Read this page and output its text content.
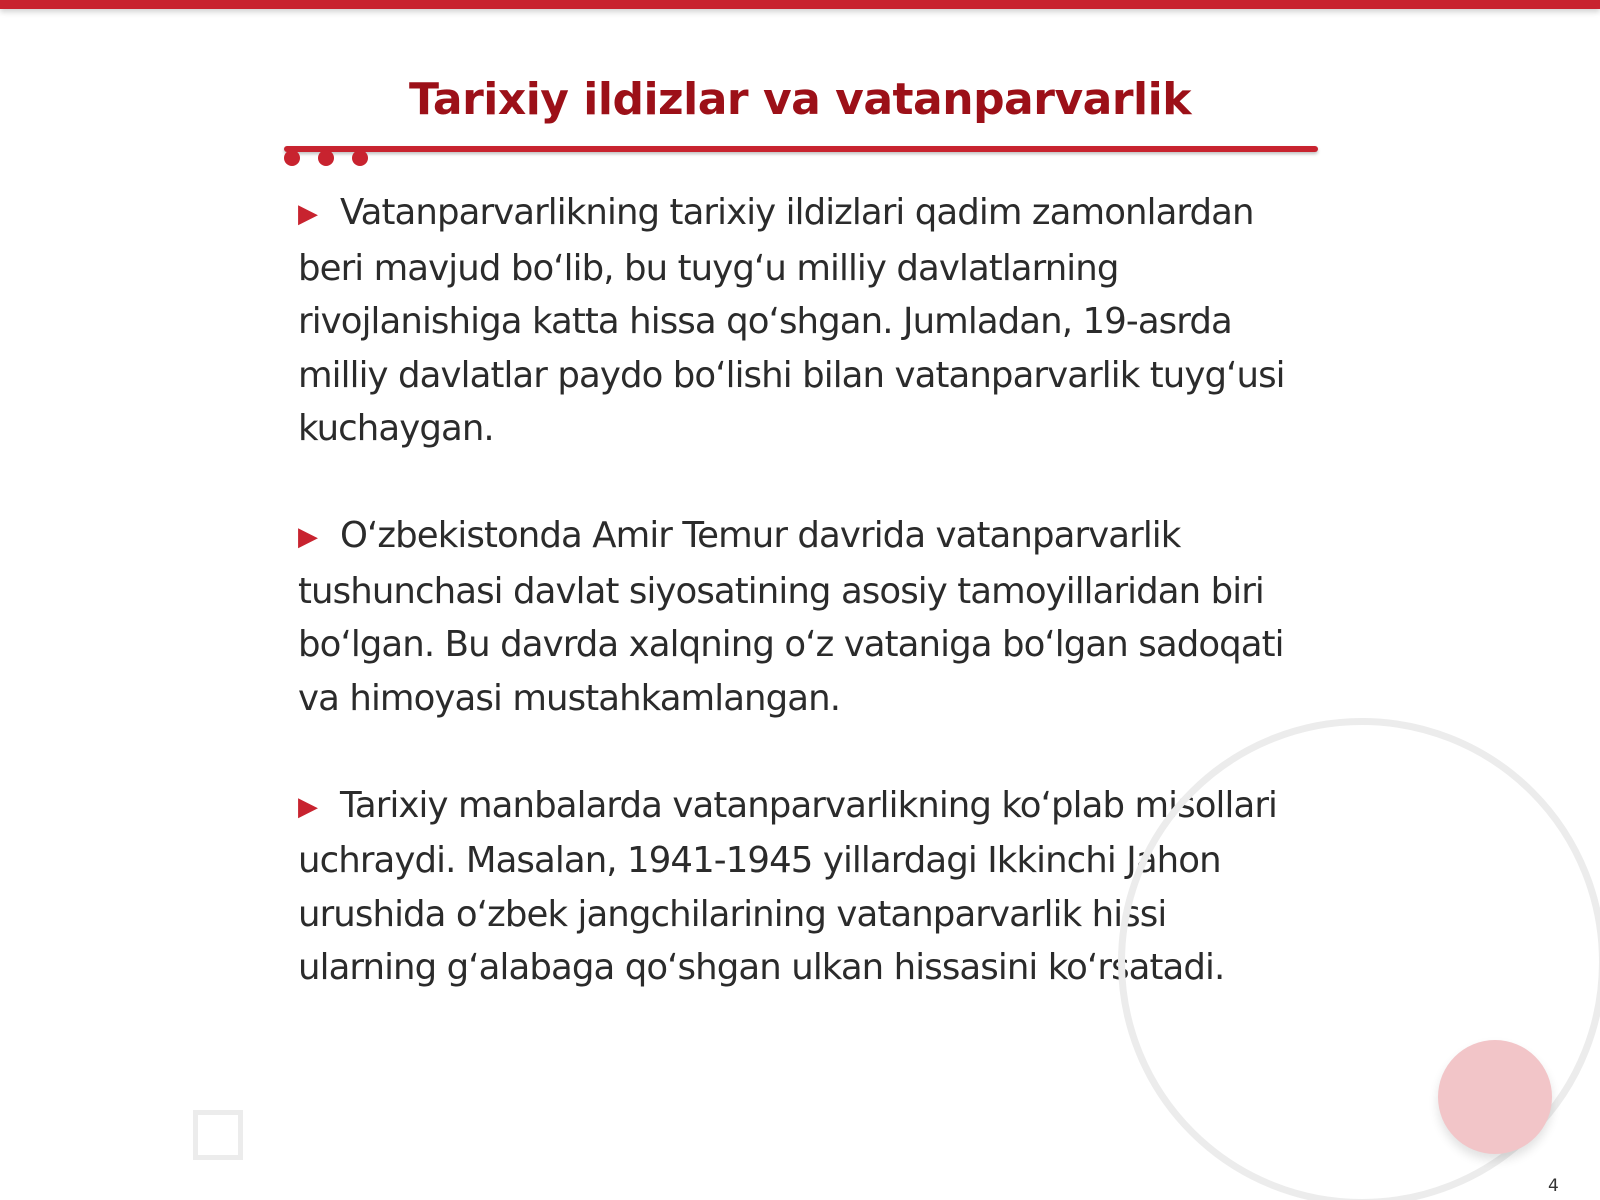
Tarixiy ildizlar va vatanparvarlik

▶ Vatanparvarlikning tarixiy ildizlari qadim zamonlardan beri mavjud boʻlib, bu tuygʻu milliy davlatlarning rivojlanishiga katta hissa qoʻshgan. Jumladan, 19-asrda milliy davlatlar paydo boʻlishi bilan vatanparvarlik tuygʻusi kuchaygan.

▶ Oʻzbekistonda Amir Temur davrida vatanparvarlik tushunchasi davlat siyosatining asosiy tamoyillaridan biri boʻlgan. Bu davrda xalqning oʻz vataniga boʻlgan sadoqati va himoyasi mustahkamlangan.

▶ Tarixiy manbalarda vatanparvarlikning koʻplab misollari uchraydi. Masalan, 1941-1945 yillardagi Ikkinchi Jahon urushida oʻzbek jangchilarining vatanparvarlik hissi ularning gʻalabaga qoʻshgan ulkan hissasini koʻrsatadi.

4
